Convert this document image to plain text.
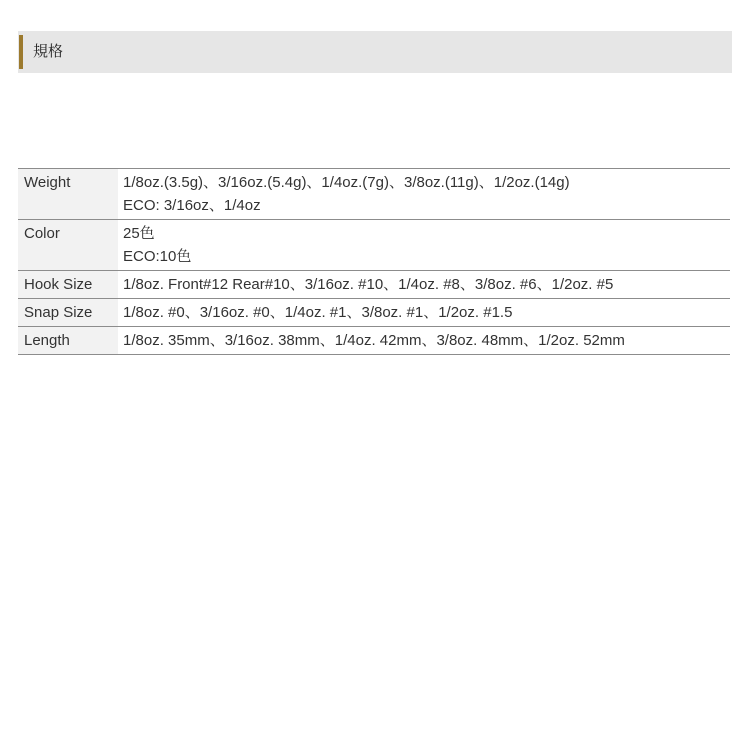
規格
Weight	1/8oz.(3.5g)、3/16oz.(5.4g)、1/4oz.(7g)、3/8oz.(11g)、1/2oz.(14g)
ECO: 3/16oz、1/4oz
Color	25色
ECO:10色
Hook Size	1/8oz. Front#12 Rear#10、3/16oz. #10、1/4oz. #8、3/8oz. #6、1/2oz. #5
Snap Size	1/8oz. #0、3/16oz. #0、1/4oz. #1、3/8oz. #1、1/2oz. #1.5
Length	1/8oz. 35mm、3/16oz. 38mm、1/4oz. 42mm、3/8oz. 48mm、1/2oz. 52mm
